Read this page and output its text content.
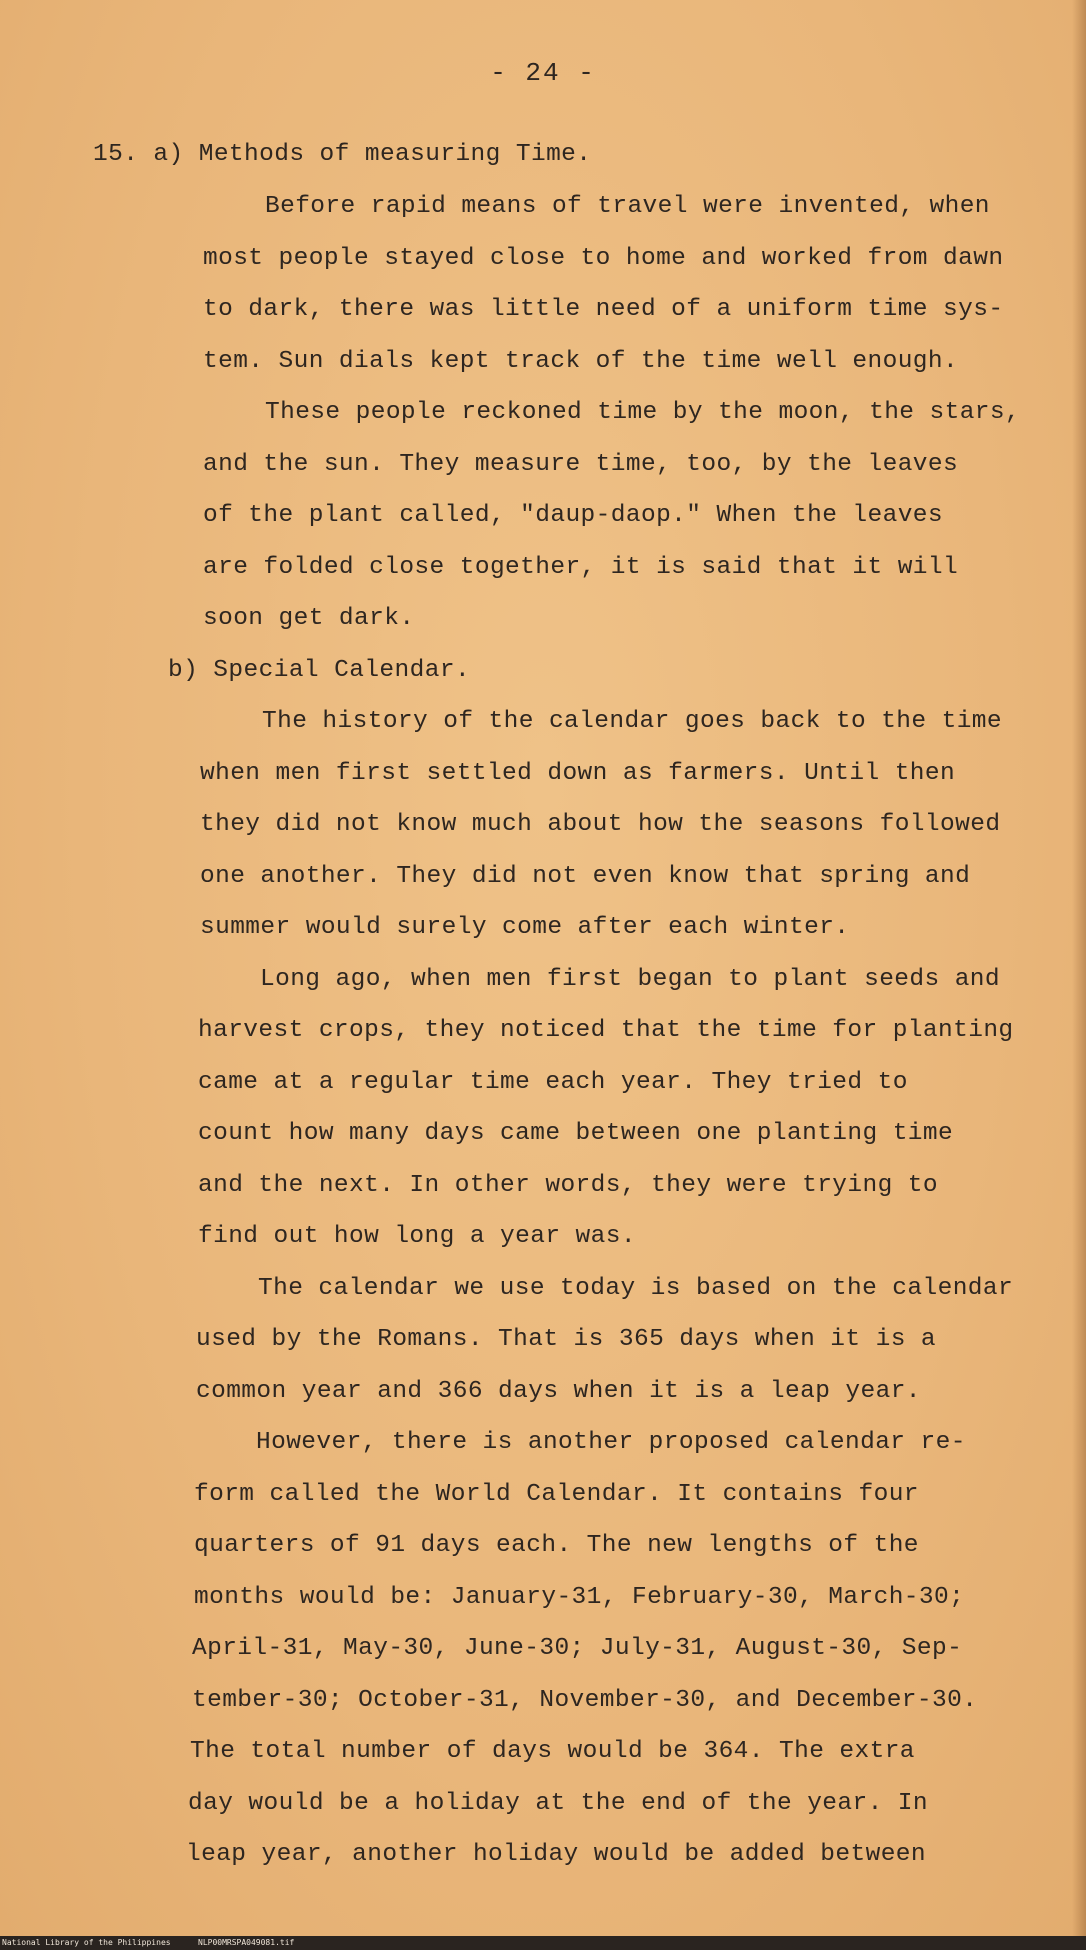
- 24 -
15. a) Methods of measuring Time.
Before rapid means of travel were invented, when
most people stayed close to home and worked from dawn
to dark, there was little need of a uniform time sys-
tem. Sun dials kept track of the time well enough.
These people reckoned time by the moon, the stars,
and the sun. They measure time, too, by the leaves
of the plant called, "daup-daop." When the leaves
are folded close together, it is said that it will
soon get dark.
b) Special Calendar.
The history of the calendar goes back to the time
when men first settled down as farmers. Until then
they did not know much about how the seasons followed
one another. They did not even know that spring and
summer would surely come after each winter.
Long ago, when men first began to plant seeds and
harvest crops, they noticed that the time for planting
came at a regular time each year. They tried to
count how many days came between one planting time
and the next. In other words, they were trying to
find out how long a year was.
The calendar we use today is based on the calendar
used by the Romans. That is 365 days when it is a
common year and 366 days when it is a leap year.
However, there is another proposed calendar re-
form called the World Calendar. It contains four
quarters of 91 days each. The new lengths of the
months would be: January-31, February-30, March-30;
April-31, May-30, June-30; July-31, August-30, Sep-
tember-30; October-31, November-30, and December-30.
The total number of days would be 364. The extra
day would be a holiday at the end of the year. In
leap year, another holiday would be added between
National Library of the Philippines	NLP00MRSPA049081.tif
